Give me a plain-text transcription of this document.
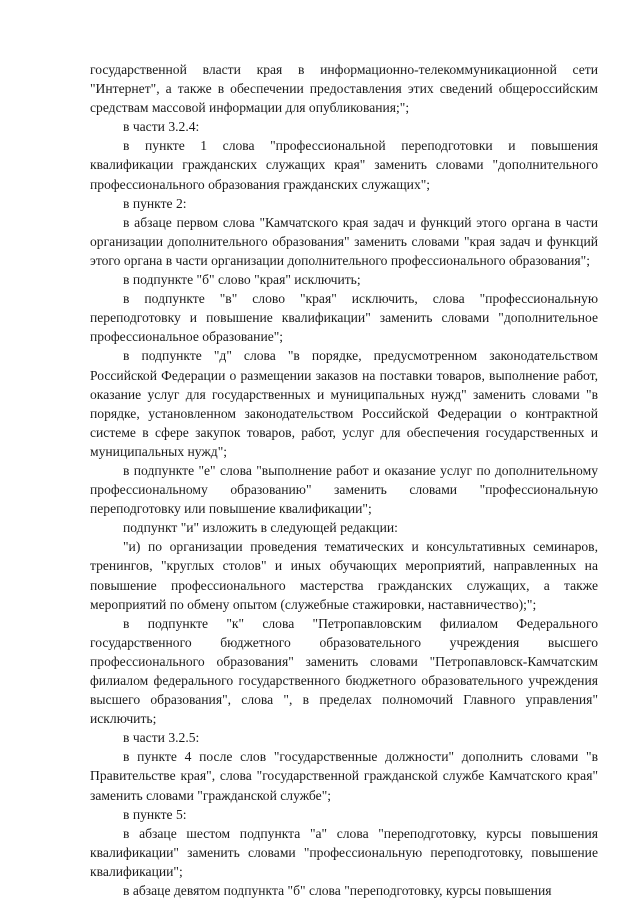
государственной власти края в информационно-телекоммуникационной сети "Интернет", а также в обеспечении предоставления этих сведений общероссийским средствам массовой информации для опубликования;";

в части 3.2.4:

в пункте 1 слова "профессиональной переподготовки и повышения квалификации гражданских служащих края" заменить словами "дополнительного профессионального образования гражданских служащих";

в пункте 2:

в абзаце первом слова "Камчатского края задач и функций этого органа в части организации дополнительного образования" заменить словами "края задач и функций этого органа в части организации дополнительного профессионального образования";

в подпункте "б" слово "края" исключить;

в подпункте "в" слово "края" исключить, слова "профессиональную переподготовку и повышение квалификации" заменить словами "дополнительное профессиональное образование";

в подпункте "д" слова "в порядке, предусмотренном законодательством Российской Федерации о размещении заказов на поставки товаров, выполнение работ, оказание услуг для государственных и муниципальных нужд" заменить словами "в порядке, установленном законодательством Российской Федерации о контрактной системе в сфере закупок товаров, работ, услуг для обеспечения государственных и муниципальных нужд";

в подпункте "е" слова "выполнение работ и оказание услуг по дополнительному профессиональному образованию" заменить словами "профессиональную переподготовку или повышение квалификации";

подпункт "и" изложить в следующей редакции:

"и) по организации проведения тематических и консультативных семинаров, тренингов, "круглых столов" и иных обучающих мероприятий, направленных на повышение профессионального мастерства гражданских служащих, а также мероприятий по обмену опытом (служебные стажировки, наставничество);";

в подпункте "к" слова "Петропавловским филиалом Федерального государственного бюджетного образовательного учреждения высшего профессионального образования" заменить словами "Петропавловск-Камчатским филиалом федерального государственного бюджетного образовательного учреждения высшего образования", слова ", в пределах полномочий Главного управления" исключить;

в части 3.2.5:

в пункте 4 после слов "государственные должности" дополнить словами "в Правительстве края", слова "государственной гражданской службе Камчатского края" заменить словами "гражданской службе";

в пункте 5:

в абзаце шестом подпункта "а" слова "переподготовку, курсы повышения квалификации" заменить словами "профессиональную переподготовку, повышение квалификации";

в абзаце девятом подпункта "б" слова "переподготовку, курсы повышения
